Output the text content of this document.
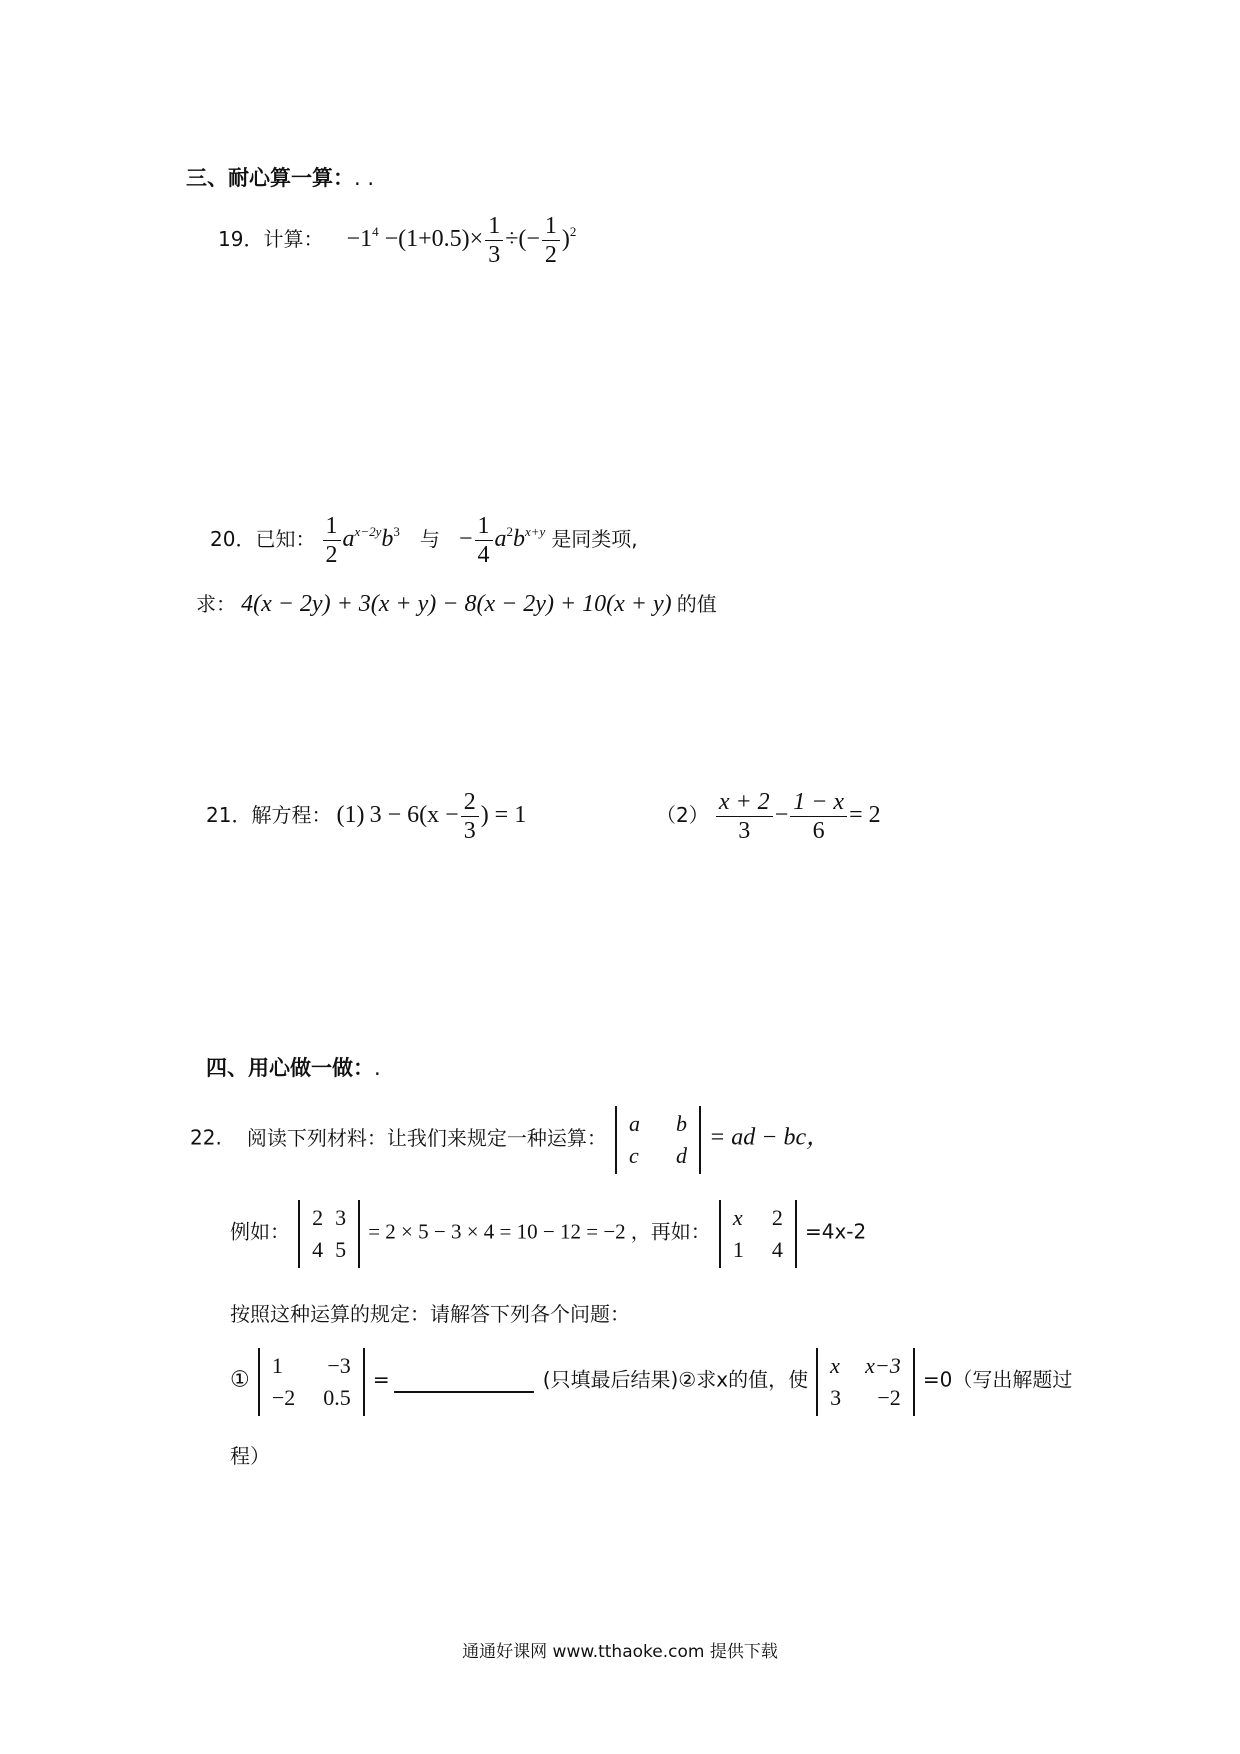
三、耐心算一算：. .
19．计算： $-1^4 -(1+0.5)\times \frac{1}{3}$ ÷(− $\frac{1}{2} )^2$
20．已知： $\frac{1}{2} a^{x-2y}b^3$ 与 − $\frac{1}{4} a^2b^{x+y}$ 是同类项,
求： 4(x − 2y) + 3(x + y) − 8(x − 2y) + 10(x + y) 的值
21．解方程： (1) $3 - 6(x - \frac{2}{3}$ ) = 1	$(2) \frac{x + 2}{3} - \frac{1 - x}{6} = 2$
四、用心做一做：.
22. 阅读下列材料：让我们来规定一种运算：
a	b
c	d
= ad − bc，
例如：
2	3
4	5
= 2 × 5 − 3 × 4 = 10 − 12 = −2 ，再如：
x	2
1	4
=4x-2
按照这种运算的规定：请解答下列各个问题：
①
1	−3
−2	0.5
=	(只填最后结果)②求x的值，使
x	x−3
3	−2
=0（写出解题过
程）
通通好课网 www.tthaoke.com 提供下载
